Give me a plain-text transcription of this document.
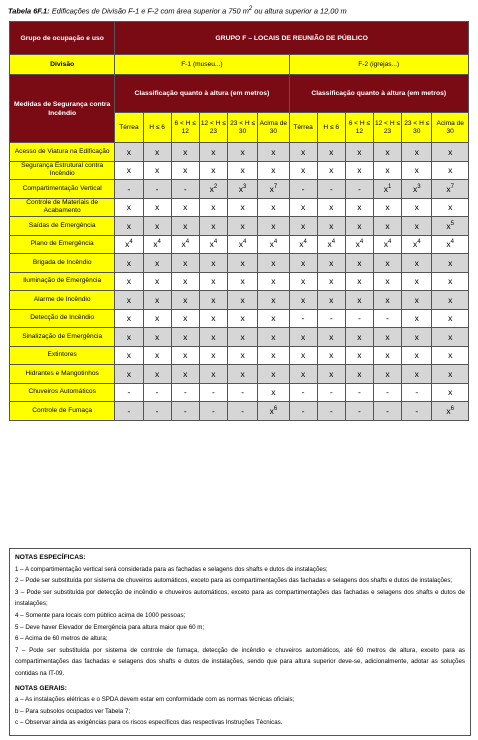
Tabela 6F.1: Edificações de Divisão F-1 e F-2 com área superior a 750 $m^2$ ou altura superior a 12,00 m
Grupo de ocupação e uso	GRUPO F – LOCAIS DE REUNIÃO DE PÚBLICO											
Divisão	F-1 (museu...)						F-2 (igrejas...)					
Medidas de Segurança contra Incêndio	Classificação quanto à altura (em metros)						Classificação quanto à altura (em metros)					
	Térrea	H ≤ 6	6 < H ≤ 12	12 < H ≤ 23	23 < H ≤ 30	Acima de 30	Térrea	H ≤ 6	6 < H ≤ 12	12 < H ≤ 23	23 < H ≤ 30	Acima de 30
Acesso de Viatura na Edificação	x	x	x	x	x	x	x	x	x	x	x	x
Segurança Estrutural contra Incêndio	x	x	x	x	x	x	x	x	x	x	x	x
Compartimentação Vertical	-	-	-	$x^2$	$x^3$	$x^7$	-	-	-	$x^1$	$x^3$	$x^7$
Controle de Materiais de Acabamento	x	x	x	x	x	x	x	x	x	x	x	x
Saídas de Emergência	x	x	x	x	x	x	x	x	x	x	x	$x^5$
Plano de Emergência	$x^4$	$x^4$	$x^4$	$x^4$	$x^4$	$x^4$	$x^4$	$x^4$	$x^4$	$x^4$	$x^4$	$x^4$
Brigada de Incêndio	x	x	x	x	x	x	x	x	x	x	x	x
Iluminação de Emergência	x	x	x	x	x	x	x	x	x	x	x	x
Alarme de Incêndio	x	x	x	x	x	x	x	x	x	x	x	x
Detecção de Incêndio	x	x	x	x	x	x	-	-	-	-	x	x
Sinalização de Emergência	x	x	x	x	x	x	x	x	x	x	x	x
Extintores	x	x	x	x	x	x	x	x	x	x	x	x
Hidrantes e Mangotinhos	x	x	x	x	x	x	x	x	x	x	x	x
Chuveiros Automáticos	-	-	-	-	-	x	-	-	-	-	-	x
Controle de Fumaça	-	-	-	-	-	$x^6$	-	-	-	-	-	$x^6$

NOTAS ESPECÍFICAS:

1 – A compartimentação vertical será considerada para as fachadas e selagens dos shafts e dutos de instalações;

2 – Pode ser substituída por sistema de chuveiros automáticos, exceto para as compartimentações das fachadas e selagens dos shafts e dutos de instalações;

3 – Pode ser substituída por detecção de incêndio e chuveiros automáticos, exceto para as compartimentações das fachadas e selagens dos shafts e dutos de instalações;

4 – Somente para locais com público acima de 1000 pessoas;

5 – Deve haver Elevador de Emergência para altura maior que 60 m;

6 – Acima de 60 metros de altura;

7 – Pode ser substituída por sistema de controle de fumaça, detecção de incêndio e chuveiros automáticos, até 60 metros de altura, exceto para as compartimentações das fachadas e selagens dos shafts e dutos de instalações, sendo que para altura superior deve-se, adicionalmente, adotar as soluções contidas na IT-09.

NOTAS GERAIS:

a – As instalações elétricas e o SPDA devem estar em conformidade com as normas técnicas oficiais;

b – Para subsolos ocupados ver Tabela 7;

c – Observar ainda as exigências para os riscos específicos das respectivas Instruções Técnicas.
